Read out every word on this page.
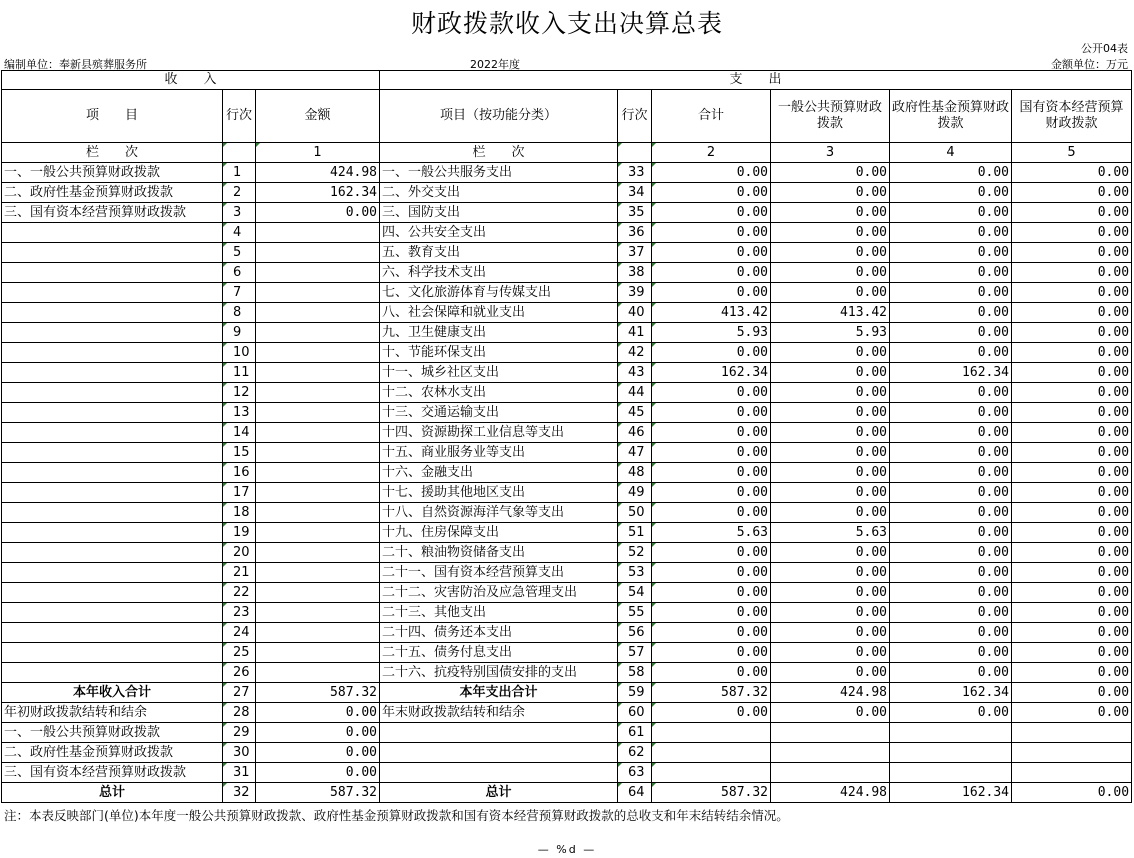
财政拨款收入支出决算总表
公开04表
编制单位：奉新县殡葬服务所	2022年度	金额单位：万元
收　　入			支　　出					
项　　目	行次	金额	项目（按功能分类）	行次	合计	一般公共预算财政拨款	政府性基金预算财政拨款	国有资本经营预算财政拨款
栏　　次		1	栏　　次		2	3	4	5
一、一般公共预算财政拨款	1	424.98	一、一般公共服务支出	33	0.00	0.00	0.00	0.00
二、政府性基金预算财政拨款	2	162.34	二、外交支出	34	0.00	0.00	0.00	0.00
三、国有资本经营预算财政拨款	3	0.00	三、国防支出	35	0.00	0.00	0.00	0.00
	4		四、公共安全支出	36	0.00	0.00	0.00	0.00
	5		五、教育支出	37	0.00	0.00	0.00	0.00
	6		六、科学技术支出	38	0.00	0.00	0.00	0.00
	7		七、文化旅游体育与传媒支出	39	0.00	0.00	0.00	0.00
	8		八、社会保障和就业支出	40	413.42	413.42	0.00	0.00
	9		九、卫生健康支出	41	5.93	5.93	0.00	0.00
	10		十、节能环保支出	42	0.00	0.00	0.00	0.00
	11		十一、城乡社区支出	43	162.34	0.00	162.34	0.00
	12		十二、农林水支出	44	0.00	0.00	0.00	0.00
	13		十三、交通运输支出	45	0.00	0.00	0.00	0.00
	14		十四、资源勘探工业信息等支出	46	0.00	0.00	0.00	0.00
	15		十五、商业服务业等支出	47	0.00	0.00	0.00	0.00
	16		十六、金融支出	48	0.00	0.00	0.00	0.00
	17		十七、援助其他地区支出	49	0.00	0.00	0.00	0.00
	18		十八、自然资源海洋气象等支出	50	0.00	0.00	0.00	0.00
	19		十九、住房保障支出	51	5.63	5.63	0.00	0.00
	20		二十、粮油物资储备支出	52	0.00	0.00	0.00	0.00
	21		二十一、国有资本经营预算支出	53	0.00	0.00	0.00	0.00
	22		二十二、灾害防治及应急管理支出	54	0.00	0.00	0.00	0.00
	23		二十三、其他支出	55	0.00	0.00	0.00	0.00
	24		二十四、债务还本支出	56	0.00	0.00	0.00	0.00
	25		二十五、债务付息支出	57	0.00	0.00	0.00	0.00
	26		二十六、抗疫特别国债安排的支出	58	0.00	0.00	0.00	0.00
本年收入合计	27	587.32	本年支出合计	59	587.32	424.98	162.34	0.00
年初财政拨款结转和结余	28	0.00	年末财政拨款结转和结余	60	0.00	0.00	0.00	0.00
一、一般公共预算财政拨款	29	0.00		61				
二、政府性基金预算财政拨款	30	0.00		62				
三、国有资本经营预算财政拨款	31	0.00		63				
总计	32	587.32	总计	64	587.32	424.98	162.34	0.00
注：本表反映部门(单位)本年度一般公共预算财政拨款、政府性基金预算财政拨款和国有资本经营预算财政拨款的总收支和年末结转结余情况。
— %d —
